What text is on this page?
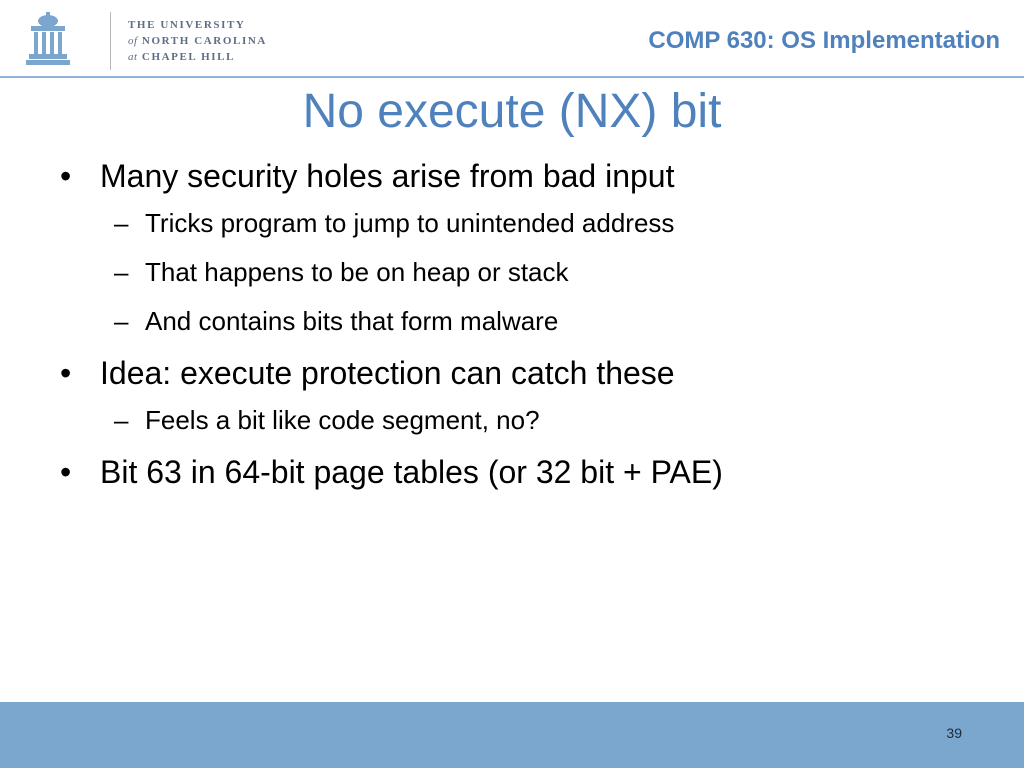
THE UNIVERSITY
of NORTH CAROLINA
at CHAPEL HILL
COMP 630: OS Implementation
No execute (NX) bit
• Many security holes arise from bad input
– Tricks program to jump to unintended address
– That happens to be on heap or stack
– And contains bits that form malware
• Idea: execute protection can catch these
– Feels a bit like code segment, no?
• Bit 63 in 64-bit page tables (or 32 bit + PAE)
39
